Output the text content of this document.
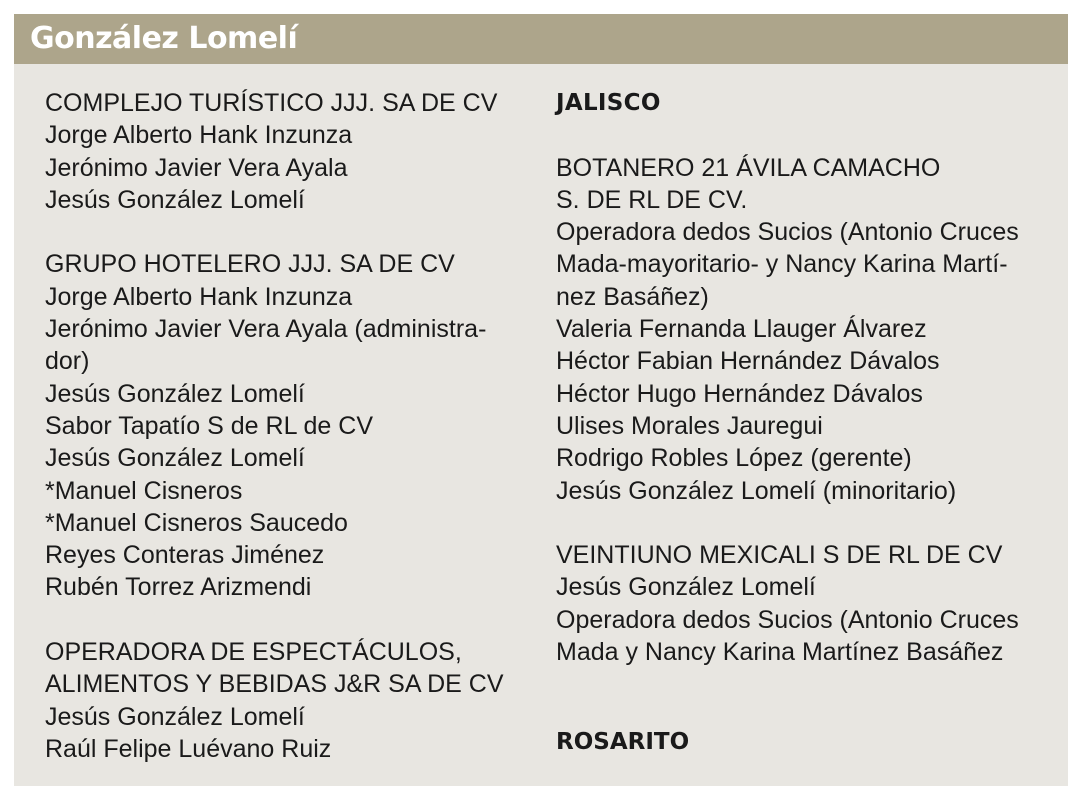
González Lomelí
COMPLEJO TURÍSTICO JJJ. SA DE CV
Jorge Alberto Hank Inzunza
Jerónimo Javier Vera Ayala
Jesús González Lomelí
GRUPO HOTELERO JJJ. SA DE CV
Jorge Alberto Hank Inzunza
Jerónimo Javier Vera Ayala (administra-
dor)
Jesús González Lomelí
Sabor Tapatío S de RL de CV
Jesús González Lomelí
*Manuel Cisneros
*Manuel Cisneros Saucedo
Reyes Conteras Jiménez
Rubén Torrez Arizmendi
OPERADORA DE ESPECTÁCULOS,
ALIMENTOS Y BEBIDAS J&R SA DE CV
Jesús González Lomelí
Raúl Felipe Luévano Ruiz
JALISCO
BOTANERO 21 ÁVILA CAMACHO
S. DE RL DE CV.
Operadora dedos Sucios (Antonio Cruces
Mada-mayoritario- y Nancy Karina Martí-
nez Basáñez)
Valeria Fernanda Llauger Álvarez
Héctor Fabian Hernández Dávalos
Héctor Hugo Hernández Dávalos
Ulises Morales Jauregui
Rodrigo Robles López (gerente)
Jesús González Lomelí (minoritario)
VEINTIUNO MEXICALI S DE RL DE CV
Jesús González Lomelí
Operadora dedos Sucios (Antonio Cruces
Mada y Nancy Karina Martínez Basáñez
ROSARITO
